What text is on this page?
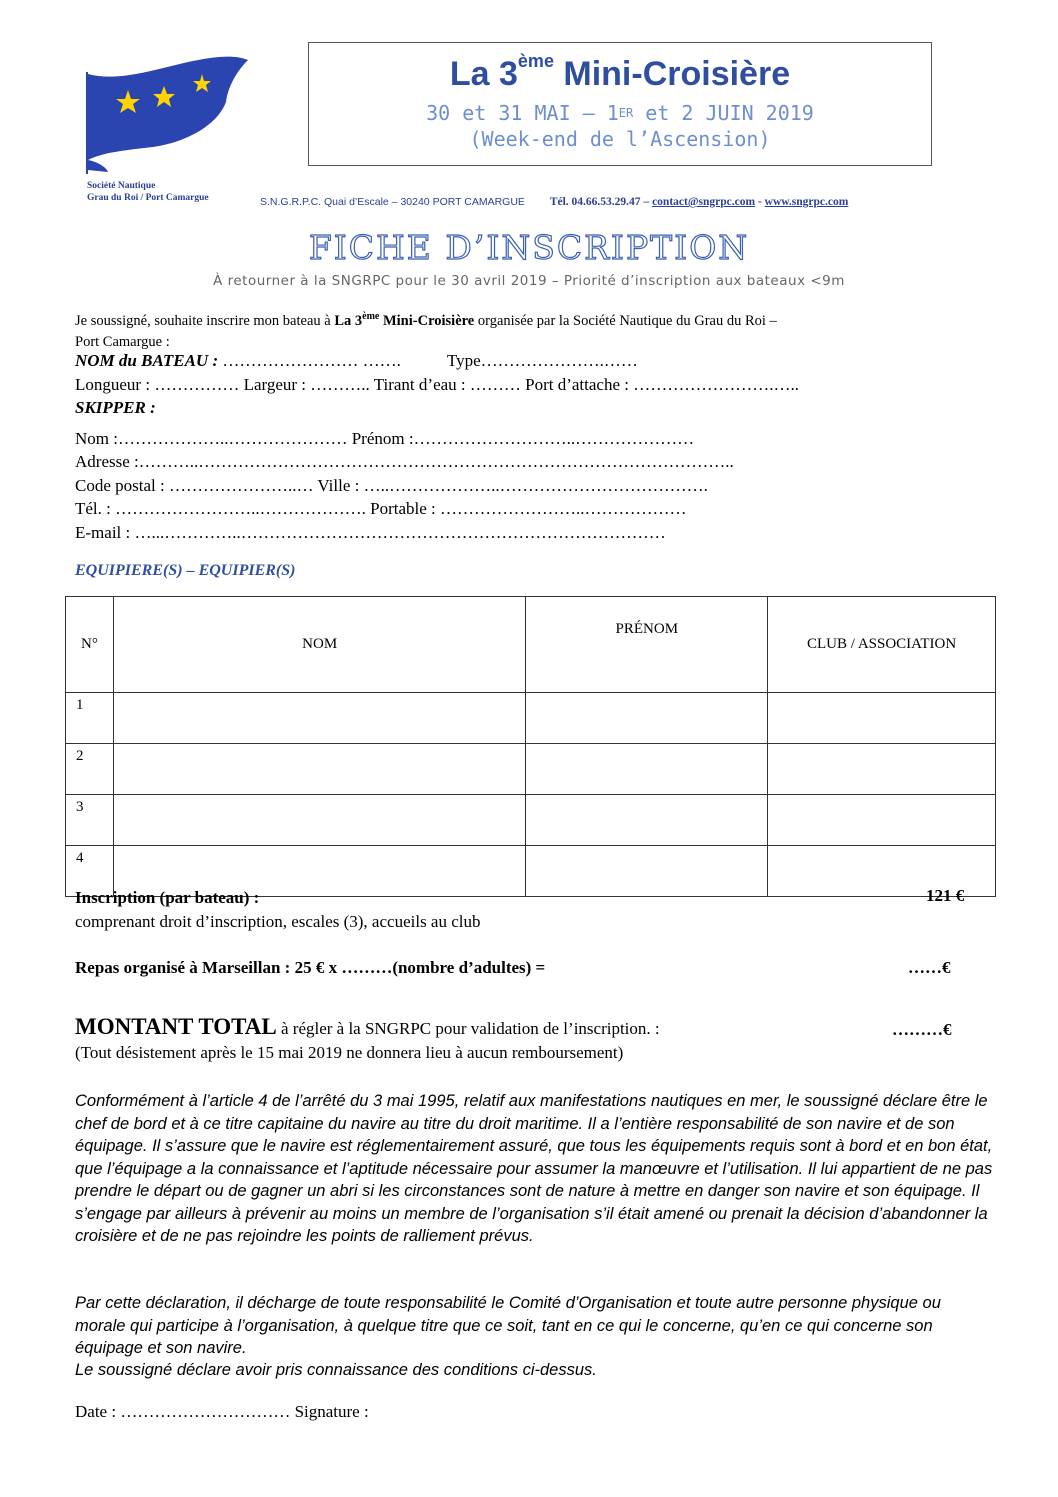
Société Nautique
Grau du Roi / Port Camargue
La 3ème Mini-Croisière
30 et 31 MAI – 1ER et 2 JUIN 2019
(Week-end de l’Ascension)
S.N.G.R.P.C. Quai d’Escale – 30240 PORT CAMARGUE Tél. 04.66.53.29.47 – contact@sngrpc.com - www.sngrpc.com
FICHE D’INSCRIPTION
À retourner à la SNGRPC pour le 30 avril 2019 – Priorité d’inscription aux bateaux <9m
Je soussigné, souhaite inscrire mon bateau à La 3ème Mini-Croisière organisée par la Société Nautique du Grau du Roi –
Port Camargue :
NOM du BATEAU : …………………… …….	Type………………….……
Longueur : …………… Largeur : ……….. Tirant d’eau : ……… Port d’attache : …………………….…..
SKIPPER :
Nom :………………..………………… Prénom :………………………..…………………
Adresse :………..…………………………………………………………………………………..
Code postal : …………………..… Ville : …..………………..……………………………….
Tél. : ……………………..………………. Portable : ……………………..………………
E-mail : …...…………..…………………………………………………………………
EQUIPIERE(S) – EQUIPIER(S)
N°	NOM	PRÉNOM	CLUB / ASSOCIATION
1			
2			
3			
4			
Inscription (par bateau) :
comprenant droit d’inscription, escales (3), accueils au club
121 €
Repas organisé à Marseillan : 25 € x ………(nombre d’adultes) =	……€
MONTANT TOTAL à régler à la SNGRPC pour validation de l’inscription. :	………€
(Tout désistement après le 15 mai 2019 ne donnera lieu à aucun remboursement)
Conformément à l’article 4 de l’arrêté du 3 mai 1995, relatif aux manifestations nautiques en mer, le soussigné déclare être le chef de bord et à ce titre capitaine du navire au titre du droit maritime. Il a l’entière responsabilité de son navire et de son équipage. Il s’assure que le navire est réglementairement assuré, que tous les équipements requis sont à bord et en bon état, que l’équipage a la connaissance et l’aptitude nécessaire pour assumer la manœuvre et l’utilisation. Il lui appartient de ne pas prendre le départ ou de gagner un abri si les circonstances sont de nature à mettre en danger son navire et son équipage. Il s’engage par ailleurs à prévenir au moins un membre de l’organisation s’il était amené ou prenait la décision d’abandonner la croisière et de ne pas rejoindre les points de ralliement prévus.
Par cette déclaration, il décharge de toute responsabilité le Comité d’Organisation et toute autre personne physique ou morale qui participe à l’organisation, à quelque titre que ce soit, tant en ce qui le concerne, qu’en ce qui concerne son équipage et son navire.
Le soussigné déclare avoir pris connaissance des conditions ci-dessus.
Date : ………………………… Signature :
